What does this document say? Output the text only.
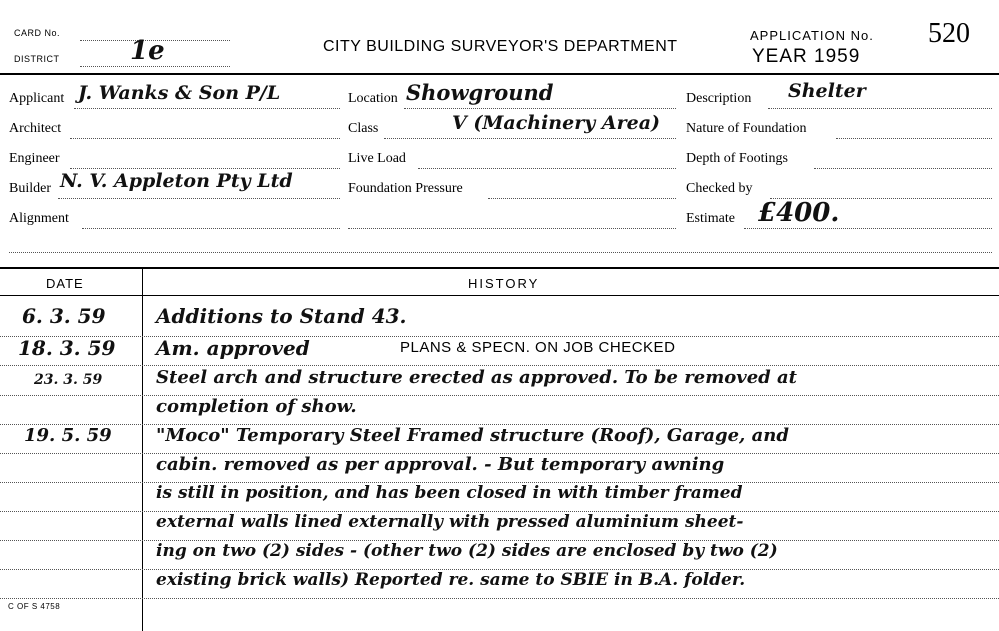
CARD No.
DISTRICT	1e	CITY BUILDING SURVEYOR'S DEPARTMENT
APPLICATION No. 520
YEAR 1959
Applicant J. Wanks & Son P/L
Architect
Engineer
Builder N. V. Appleton Pty Ltd
Alignment
Location Showground
Class	V (Machinery Area)
Live Load
Foundation Pressure
Description Shelter
Nature of Foundation
Depth of Footings
Checked by
Estimate £400.
DATE	HISTORY
6. 3. 59	Additions to Stand 43.
18. 3. 59 Am. approved	PLANS & SPECN. ON JOB CHECKED
23. 3. 59	Steel arch and structure erected as approved. To be removed at
completion of show.
19. 5. 59 "Moco" Temporary Steel Framed structure (Roof), Garage, and
cabin. removed as per approval. - But temporary awning
is still in position, and has been closed in with timber framed
external walls lined externally with pressed aluminium sheet-
ing on two (2) sides - (other two (2) sides are enclosed by two (2)
existing brick walls) Reported re. same to SBIE in B.A. folder.
C OF S 4758
